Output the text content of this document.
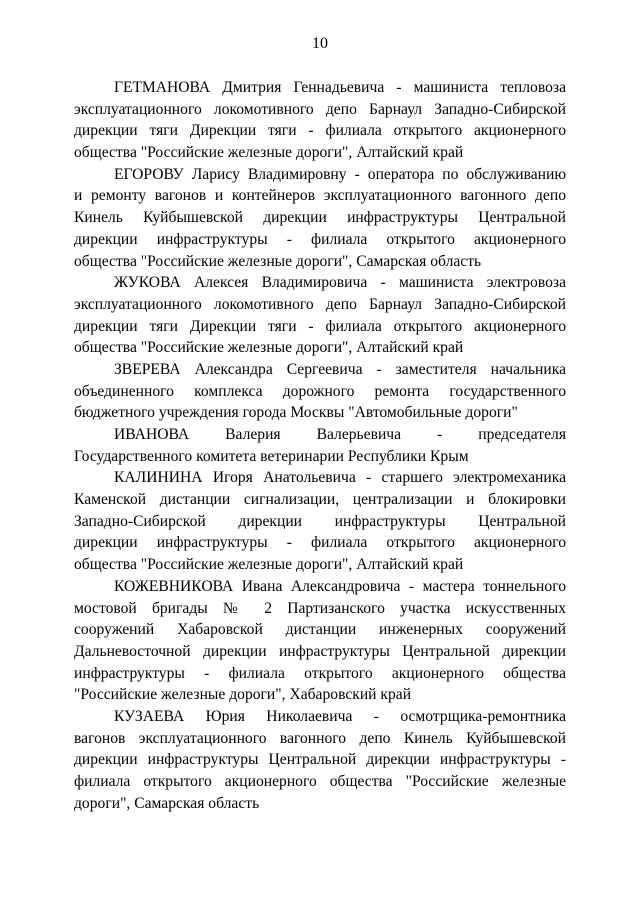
10
ГЕТМАНОВА Дмитрия Геннадьевича - машиниста тепловоза
эксплуатационного локомотивного депо Барнаул Западно-Сибирской
дирекции тяги Дирекции тяги - филиала открытого акционерного
общества "Российские железные дороги", Алтайский край
ЕГОРОВУ Ларису Владимировну - оператора по обслуживанию
и ремонту вагонов и контейнеров эксплуатационного вагонного депо
Кинель Куйбышевской дирекции инфраструктуры Центральной
дирекции инфраструктуры - филиала открытого акционерного
общества "Российские железные дороги", Самарская область
ЖУКОВА Алексея Владимировича - машиниста электровоза
эксплуатационного локомотивного депо Барнаул Западно-Сибирской
дирекции тяги Дирекции тяги - филиала открытого акционерного
общества "Российские железные дороги", Алтайский край
ЗВЕРЕВА Александра Сергеевича - заместителя начальника
объединенного комплекса дорожного ремонта государственного
бюджетного учреждения города Москвы "Автомобильные дороги"
ИВАНОВА Валерия Валерьевича - председателя
Государственного комитета ветеринарии Республики Крым
КАЛИНИНА Игоря Анатольевича - старшего электромеханика
Каменской дистанции сигнализации, централизации и блокировки
Западно-Сибирской дирекции инфраструктуры Центральной
дирекции инфраструктуры - филиала открытого акционерного
общества "Российские железные дороги", Алтайский край
КОЖЕВНИКОВА Ивана Александровича - мастера тоннельного
мостовой бригады № 2 Партизанского участка искусственных
сооружений Хабаровской дистанции инженерных сооружений
Дальневосточной дирекции инфраструктуры Центральной дирекции
инфраструктуры - филиала открытого акционерного общества
"Российские железные дороги", Хабаровский край
КУЗАЕВА Юрия Николаевича - осмотрщика-ремонтника
вагонов эксплуатационного вагонного депо Кинель Куйбышевской
дирекции инфраструктуры Центральной дирекции инфраструктуры -
филиала открытого акционерного общества "Российские железные
дороги", Самарская область
